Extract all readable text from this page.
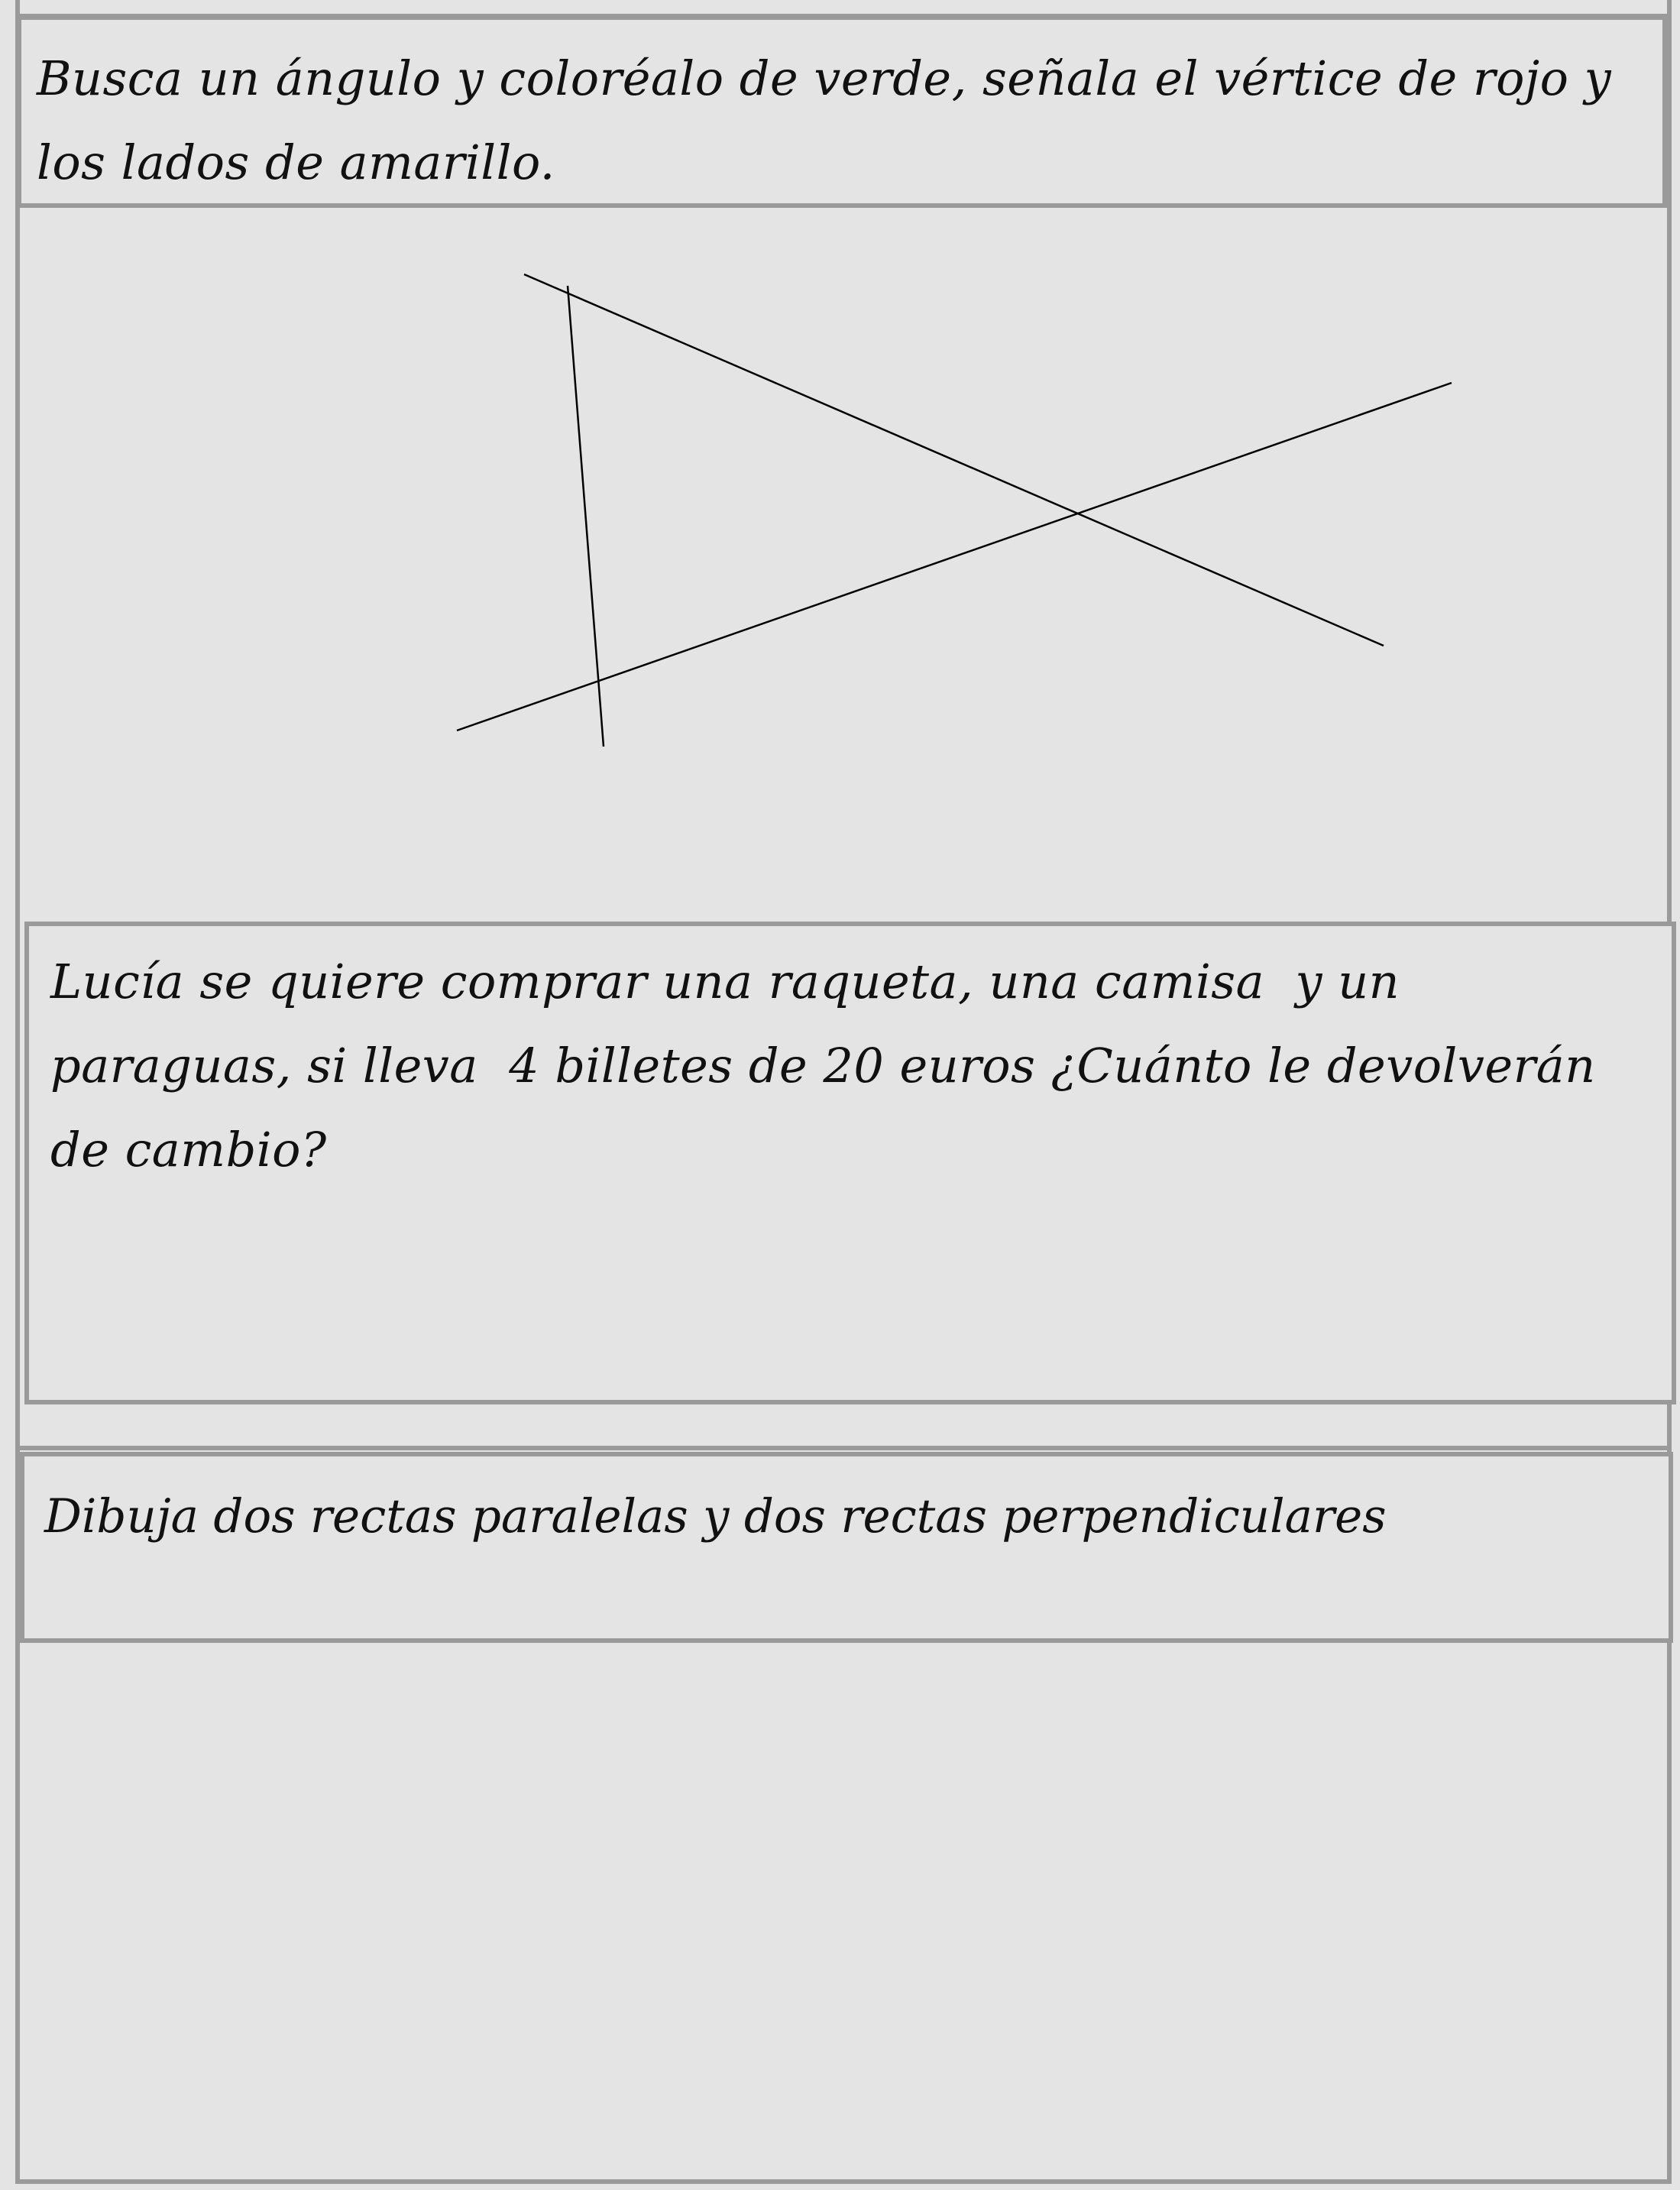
Busca un ángulo y coloréalo de verde, señala el vértice de rojo y los lados de amarillo.
Lucía se quiere comprar una raqueta, una camisa  y un paraguas, si lleva  4 billetes de 20 euros ¿Cuánto le devolverán de cambio?
Dibuja dos rectas paralelas y dos rectas perpendiculares
